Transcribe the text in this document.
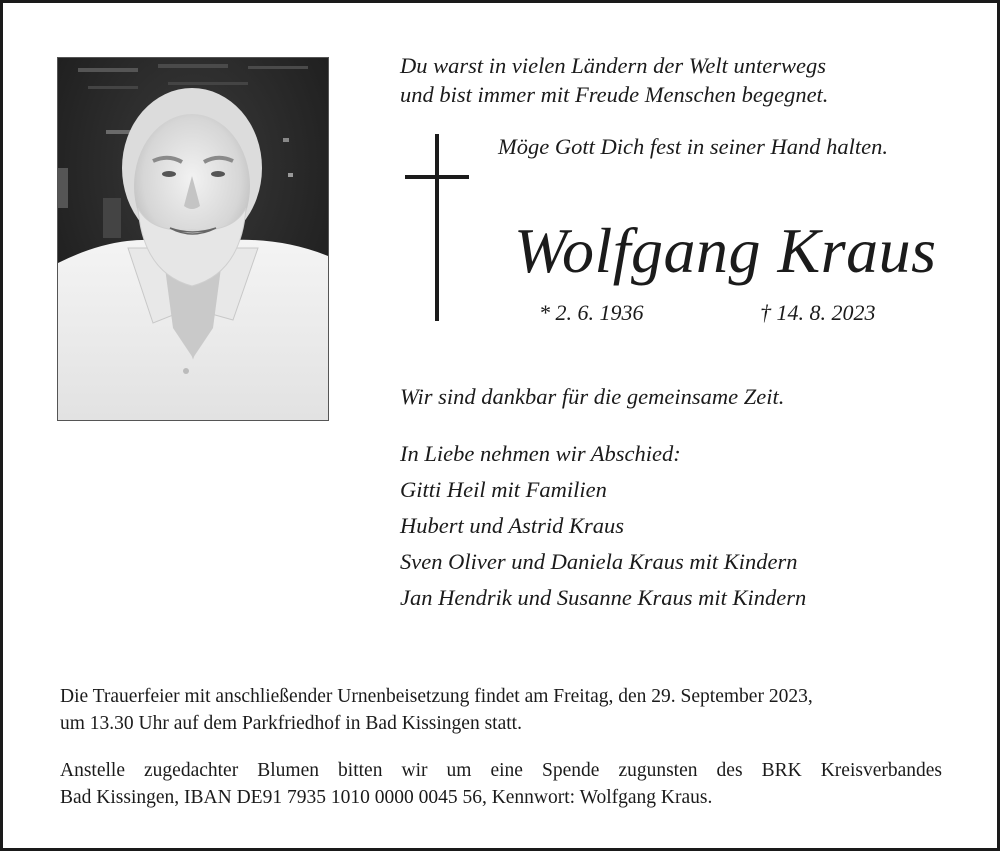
Du warst in vielen Ländern der Welt unterwegs
und bist immer mit Freude Menschen begegnet.
Möge Gott Dich fest in seiner Hand halten.
Wolfgang Kraus
* 2. 6. 1936	† 14. 8. 2023
Wir sind dankbar für die gemeinsame Zeit.
In Liebe nehmen wir Abschied:
Gitti Heil mit Familien
Hubert und Astrid Kraus
Sven Oliver und Daniela Kraus mit Kindern
Jan Hendrik und Susanne Kraus mit Kindern
Die Trauerfeier mit anschließender Urnenbeisetzung findet am Freitag, den 29. September 2023,
um 13.30 Uhr auf dem Parkfriedhof in Bad Kissingen statt.
Anstelle zugedachter Blumen bitten wir um eine Spende zugunsten des BRK Kreisverbandes
Bad Kissingen, IBAN DE91 7935 1010 0000 0045 56, Kennwort: Wolfgang Kraus.
